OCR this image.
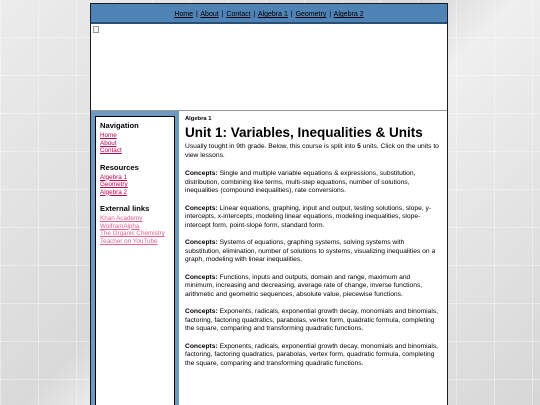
Home | About | Contact | Algebra 1 | Geometry | Algebra 2
Navigation
Home
About
Contact
Resources
Algebra 1
Geometry
Algebra 2
External links
Khan Academy
WolframAlpha
The Organic Chemistry
Teacher on YouTube
Algebra 1
Unit 1: Variables, Inequalities & Units

Usually tought in 9th grade. Below, this course is split into 5 units. Click on the units to view lessons.

Concepts: Single and multiple variable equations & expressions, substitution, distribution, combining like terms, multi-step equations, number of solutions, inequalities (compound inequalities), rate conversions.

Concepts: Linear equations, graphing, input and output, testing solutions, slope, y-intercepts, x-intercepts, modeling linear equations, modeling inequalities, slope-intercept form, point-slope form, standard form.

Concepts: Systems of equations, graphing systems, solving systems with substitution, elimination, number of solutions to systems, visualizing inequalities on a graph, modeling with linear inequalities.

Concepts: Functions, inputs and outputs, domain and range, maximum and minimum, increasing and decreasing, average rate of change, inverse functions, arithmetic and geometric sequences, absolute value, piecewise functions.

Concepts: Exponents, radicals, exponential growth decay, monomials and binomials, factoring, factoring quadratics, parabolas, vertex form, quadratic formula, completing the square, comparing and transforming quadratic functions.

Concepts: Exponents, radicals, exponential growth decay, monomials and binomials, factoring, factoring quadratics, parabolas, vertex form, quadratic formula, completing the square, comparing and transforming quadratic functions.
